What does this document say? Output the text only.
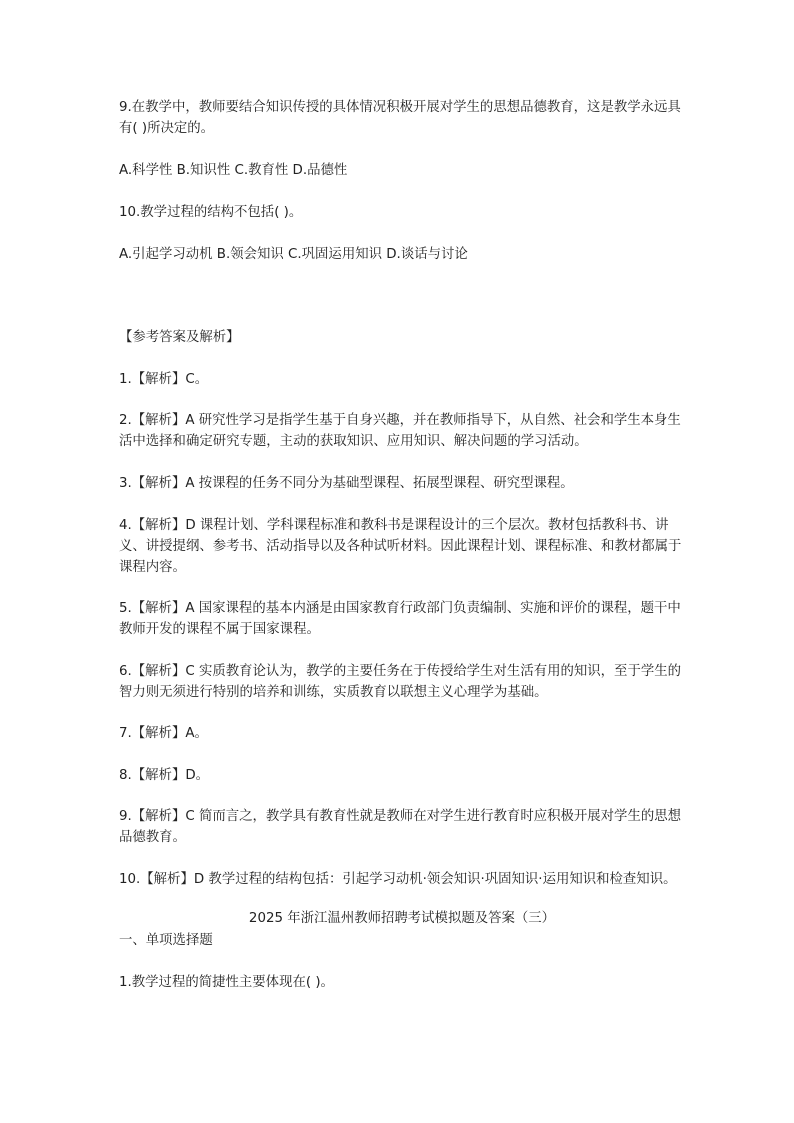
9.在教学中，教师要结合知识传授的具体情况积极开展对学生的思想品德教育，这是教学永远具有( )所决定的。

A.科学性 B.知识性 C.教育性 D.品德性

10.教学过程的结构不包括( )。

A.引起学习动机 B.领会知识 C.巩固运用知识 D.谈话与讨论

【参考答案及解析】

1.【解析】C。

2.【解析】A 研究性学习是指学生基于自身兴趣，并在教师指导下，从自然、社会和学生本身生活中选择和确定研究专题，主动的获取知识、应用知识、解决问题的学习活动。

3.【解析】A 按课程的任务不同分为基础型课程、拓展型课程、研究型课程。

4.【解析】D 课程计划、学科课程标准和教科书是课程设计的三个层次。教材包括教科书、讲义、讲授提纲、参考书、活动指导以及各种试听材料。因此课程计划、课程标准、和教材都属于课程内容。

5.【解析】A 国家课程的基本内涵是由国家教育行政部门负责编制、实施和评价的课程，题干中教师开发的课程不属于国家课程。

6.【解析】C 实质教育论认为，教学的主要任务在于传授给学生对生活有用的知识，至于学生的智力则无须进行特别的培养和训练，实质教育以联想主义心理学为基础。

7.【解析】A。

8.【解析】D。

9.【解析】C 简而言之，教学具有教育性就是教师在对学生进行教育时应积极开展对学生的思想品德教育。

10.【解析】D 教学过程的结构包括：引起学习动机·领会知识·巩固知识·运用知识和检查知识。

2025 年浙江温州教师招聘考试模拟题及答案（三）

一、单项选择题

1.教学过程的简捷性主要体现在( )。
